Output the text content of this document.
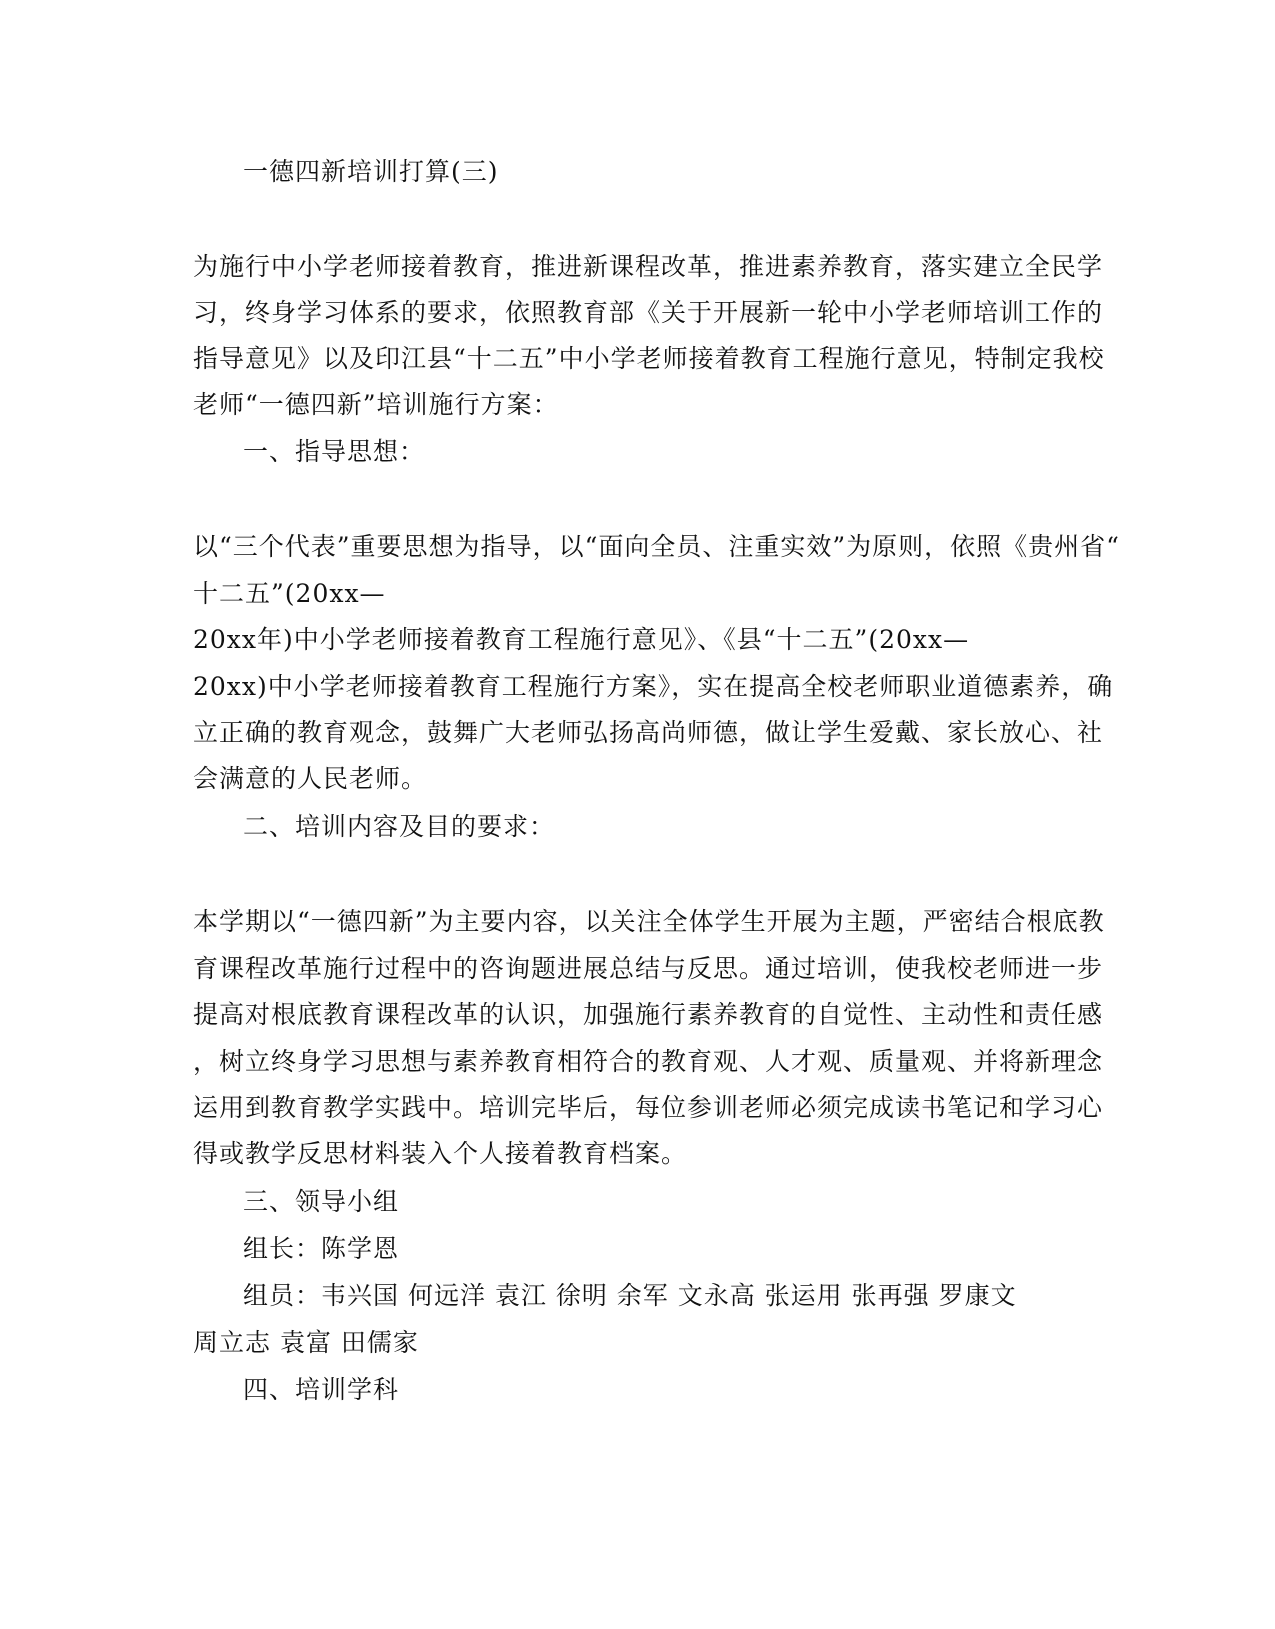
一德四新培训打算(三)
为施行中小学老师接着教育，推进新课程改革，推进素养教育，落实建立全民学
习，终身学习体系的要求，依照教育部《关于开展新一轮中小学老师培训工作的
指导意见》以及印江县“十二五”中小学老师接着教育工程施行意见，特制定我校
老师“一德四新”培训施行方案：
一、指导思想：
以“三个代表”重要思想为指导，以“面向全员、注重实效”为原则，依照《贵州省“
十二五”(20xx—
20xx年)中小学老师接着教育工程施行意见》、《县“十二五”(20xx—
20xx)中小学老师接着教育工程施行方案》，实在提高全校老师职业道德素养，确
立正确的教育观念，鼓舞广大老师弘扬高尚师德，做让学生爱戴、家长放心、社
会满意的人民老师。
二、培训内容及目的要求：
本学期以“一德四新”为主要内容，以关注全体学生开展为主题，严密结合根底教
育课程改革施行过程中的咨询题进展总结与反思。通过培训，使我校老师进一步
提高对根底教育课程改革的认识，加强施行素养教育的自觉性、主动性和责任感
，树立终身学习思想与素养教育相符合的教育观、人才观、质量观、并将新理念
运用到教育教学实践中。培训完毕后，每位参训老师必须完成读书笔记和学习心
得或教学反思材料装入个人接着教育档案。
三、领导小组
组长：陈学恩
组员：韦兴国 何远洋 袁江 徐明 余军 文永高 张运用 张再强 罗康文
周立志 袁富 田儒家
四、培训学科
